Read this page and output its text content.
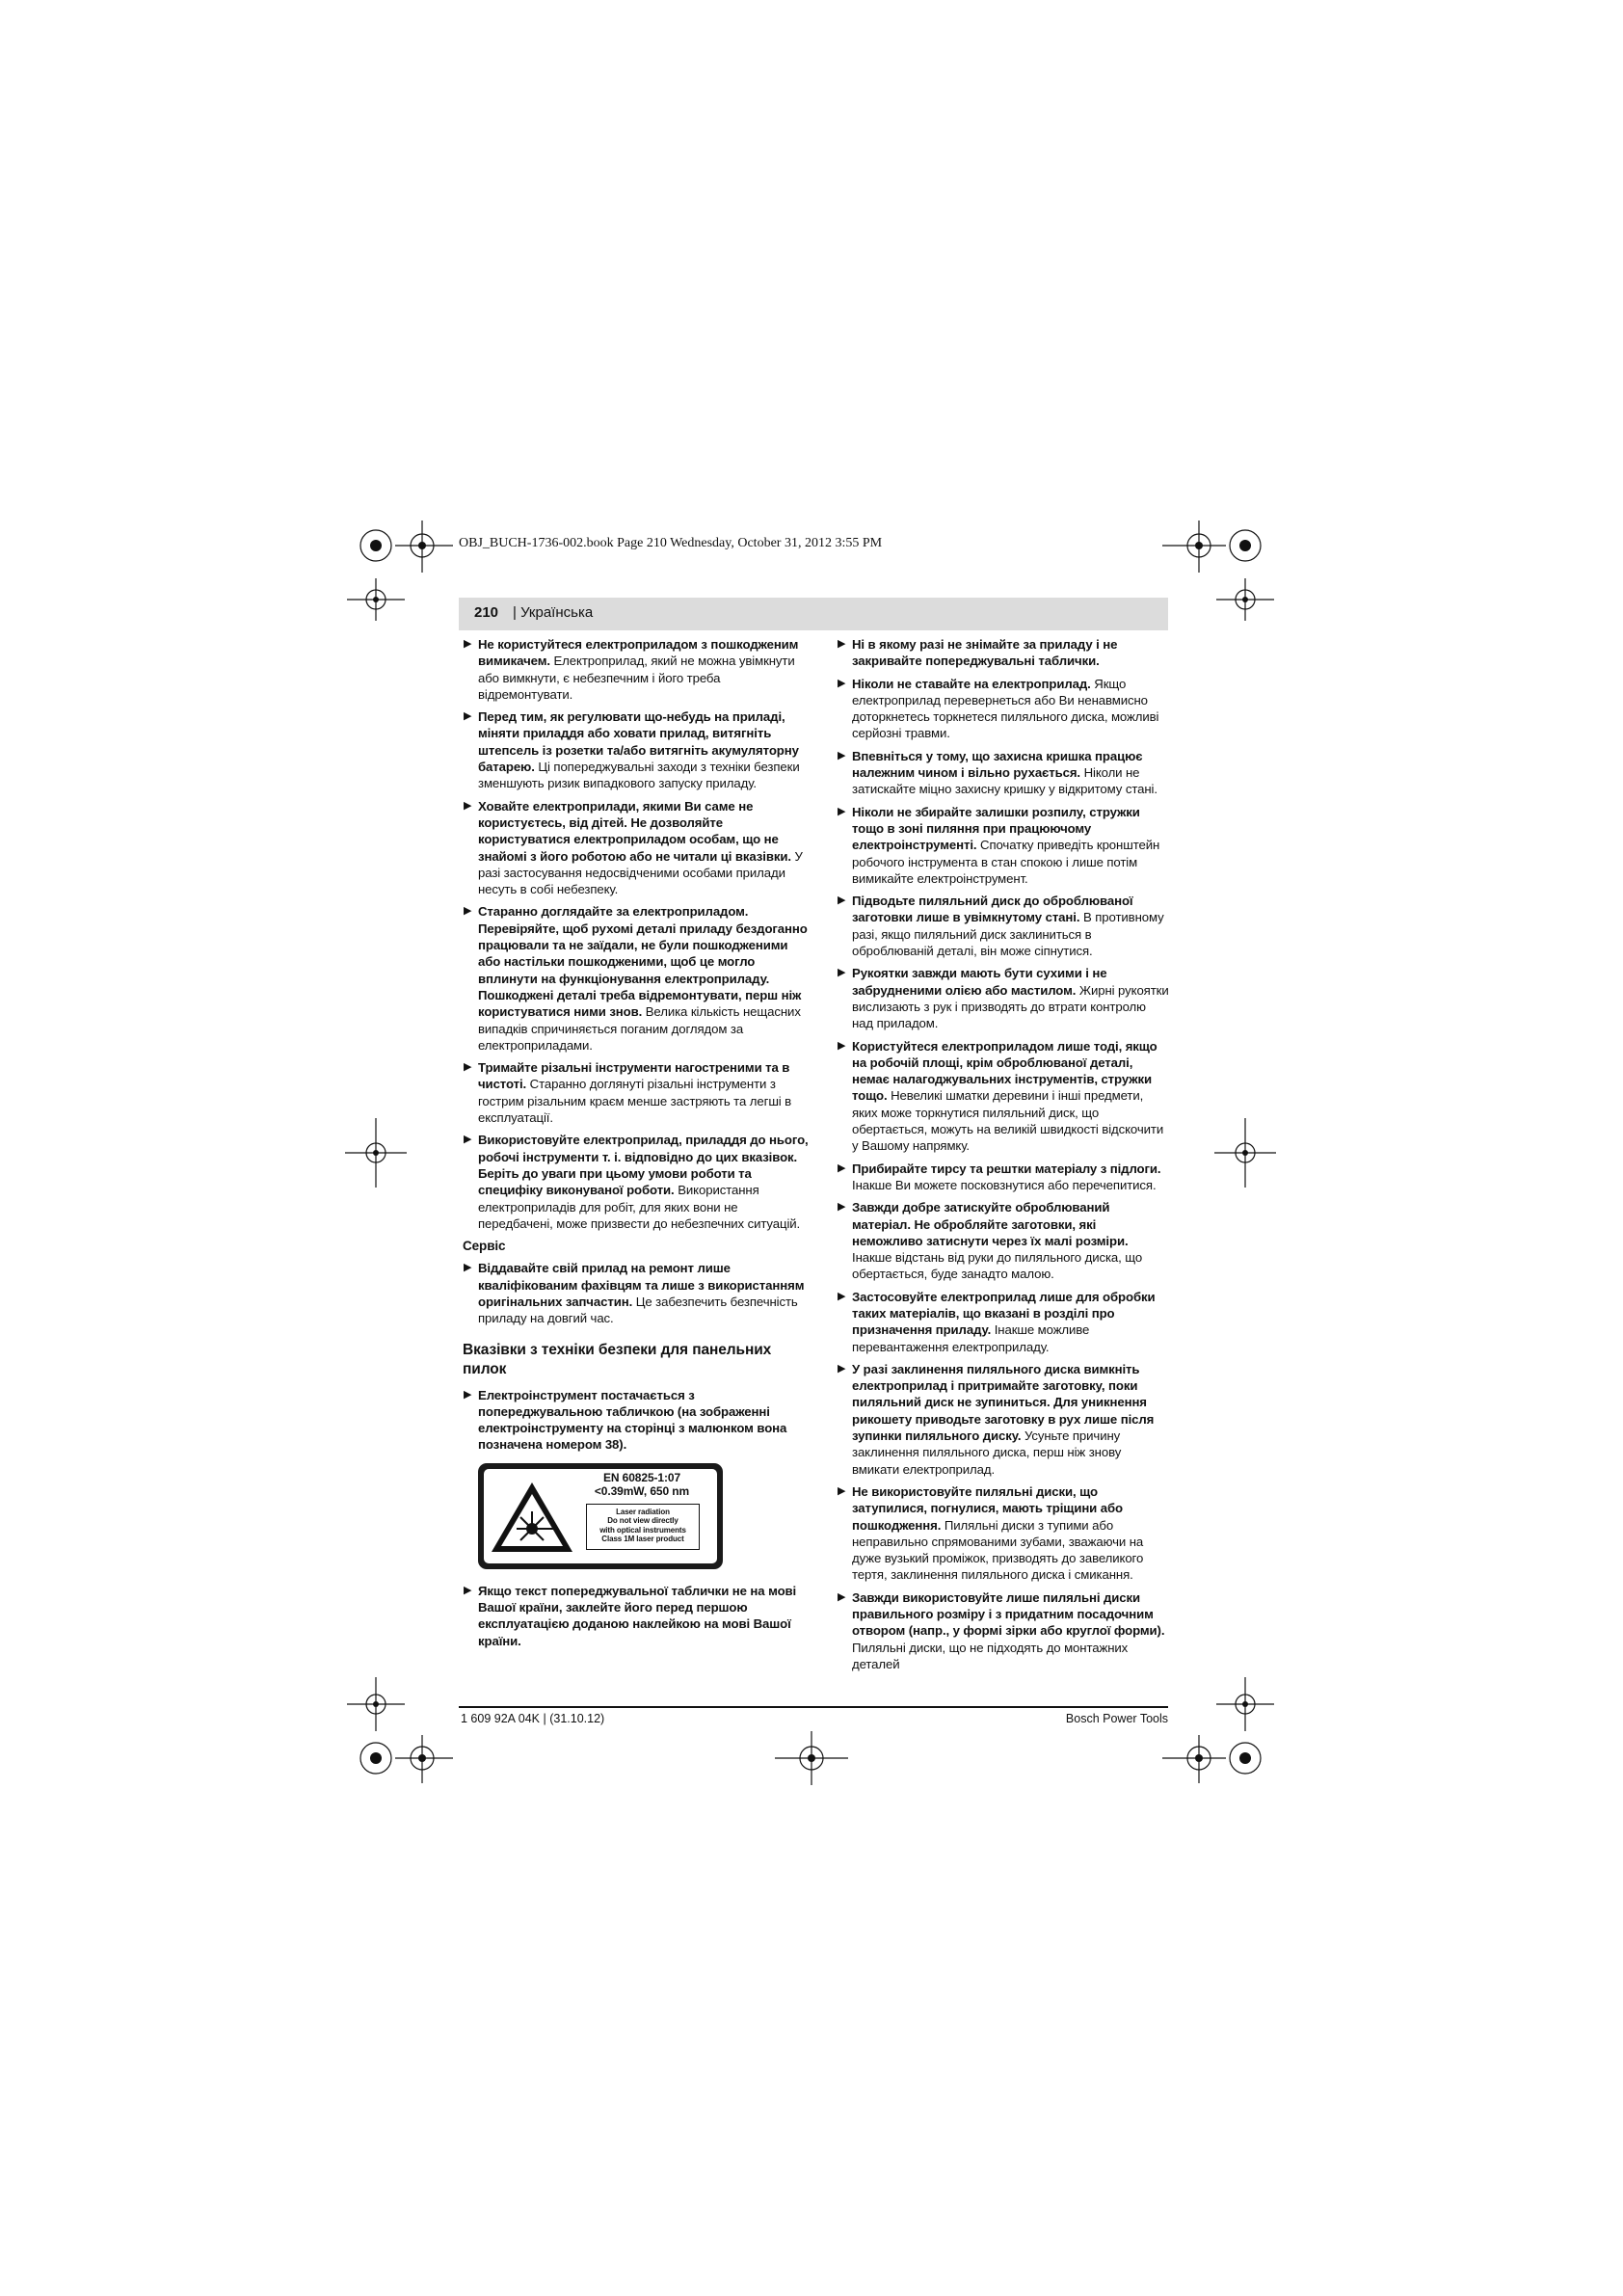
OBJ_BUCH-1736-002.book Page 210 Wednesday, October 31, 2012 3:55 PM
210 | Українська
▶ Не користуйтеся електроприладом з пошкодженим вимикачем. Електроприлад, який не можна увімкнути або вимкнути, є небезпечним і його треба відремонтувати.
▶ Перед тим, як регулювати що-небудь на приладі, міняти приладдя або ховати прилад, витягніть штепсель із розетки та/або витягніть акумуляторну батарею. Ці попереджувальні заходи з техніки безпеки зменшують ризик випадкового запуску приладу.
▶ Ховайте електроприлади, якими Ви саме не користуєтесь, від дітей. Не дозволяйте користуватися електроприладом особам, що не знайомі з його роботою або не читали ці вказівки. У разі застосування недосвідченими особами прилади несуть в собі небезпеку.
▶ Старанно доглядайте за електроприладом. Перевіряйте, щоб рухомі деталі приладу бездоганно працювали та не заїдали, не були пошкодженими або настільки пошкодженими, щоб це могло вплинути на функціонування електроприладу. Пошкоджені деталі треба відремонтувати, перш ніж користуватися ними знов. Велика кількість нещасних випадків спричиняється поганим доглядом за електроприладами.
▶ Тримайте різальні інструменти нагостреними та в чистоті. Старанно доглянуті різальні інструменти з гострим різальним краєм менше застряють та легші в експлуатації.
▶ Використовуйте електроприлад, приладдя до нього, робочі інструменти т. і. відповідно до цих вказівок. Беріть до уваги при цьому умови роботи та специфіку виконуваної роботи. Використання електроприладів для робіт, для яких вони не передбачені, може призвести до небезпечних ситуацій.
Сервіс
▶ Віддавайте свій прилад на ремонт лише кваліфікованим фахівцям та лише з використанням оригінальних запчастин. Це забезпечить безпечність приладу на довгий час.
Вказівки з техніки безпеки для панельних пилок
▶ Електроінструмент постачається з попереджувальною табличкою (на зображенні електроінструменту на сторінці з малюнком вона позначена номером 38).
EN 60825-1:07
<0.39mW, 650 nm
Laser radiation
Do not view directly
with optical instruments
Class 1M laser product
▶ Якщо текст попереджувальної таблички не на мові Вашої країни, заклейте його перед першою експлуатацією доданою наклейкою на мові Вашої країни.
▶ Ні в якому разі не знімайте за приладу і не закривайте попереджувальні таблички.
▶ Ніколи не ставайте на електроприлад. Якщо електроприлад перевернеться або Ви ненавмисно доторкнетесь торкнетеся пиляльного диска, можливі серйозні травми.
▶ Впевніться у тому, що захисна кришка працює належним чином і вільно рухається. Ніколи не затискайте міцно захисну кришку у відкритому стані.
▶ Ніколи не збирайте залишки розпилу, стружки тощо в зоні пиляння при працюючому електроінструменті. Спочатку приведіть кронштейн робочого інструмента в стан спокою і лише потім вимикайте електроінструмент.
▶ Підводьте пиляльний диск до оброблюваної заготовки лише в увімкнутому стані. В противному разі, якщо пиляльний диск заклиниться в оброблюваній деталі, він може сіпнутися.
▶ Рукоятки завжди мають бути сухими і не забрудненими олією або мастилом. Жирні рукоятки вислизають з рук і призводять до втрати контролю над приладом.
▶ Користуйтеся електроприладом лише тоді, якщо на робочій площі, крім оброблюваної деталі, немає налагоджувальних інструментів, стружки тощо. Невеликі шматки деревини і інші предмети, яких може торкнутися пиляльний диск, що обертається, можуть на великій швидкості відскочити у Вашому напрямку.
▶ Прибирайте тирсу та рештки матеріалу з підлоги. Інакше Ви можете посковзнутися або перечепитися.
▶ Завжди добре затискуйте оброблюваний матеріал. Не обробляйте заготовки, які неможливо затиснути через їх малі розміри. Інакше відстань від руки до пиляльного диска, що обертається, буде занадто малою.
▶ Застосовуйте електроприлад лише для обробки таких матеріалів, що вказані в розділі про призначення приладу. Інакше можливе перевантаження електроприладу.
▶ У разі заклинення пиляльного диска вимкніть електроприлад і притримайте заготовку, поки пиляльний диск не зупиниться. Для уникнення рикошету приводьте заготовку в рух лише після зупинки пиляльного диску. Усуньте причину заклинення пиляльного диска, перш ніж знову вмикати електроприлад.
▶ Не використовуйте пиляльні диски, що затупилися, погнулися, мають тріщини або пошкодження. Пиляльні диски з тупими або неправильно спрямованими зубами, зважаючи на дуже вузький проміжок, призводять до завеликого тертя, заклинення пиляльного диска і смикання.
▶ Завжди використовуйте лише пиляльні диски правильного розміру і з придатним посадочним отвором (напр., у формі зірки або круглої форми). Пиляльні диски, що не підходять до монтажних деталей
1 609 92A 04K | (31.10.12)	Bosch Power Tools
